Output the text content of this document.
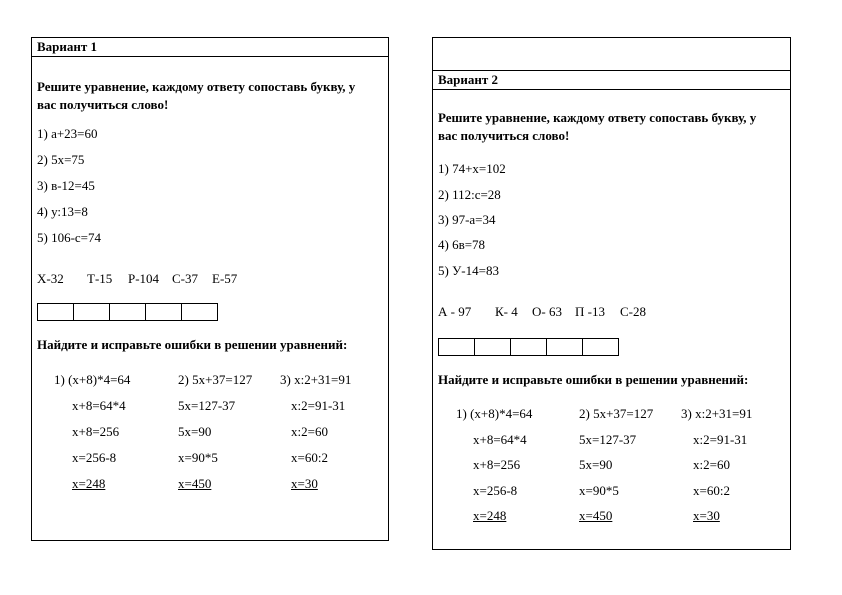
Вариант 1
Решите уравнение, каждому ответу сопоставь букву, у
вас получиться слово!
1) а+23=60
2) 5х=75
3) в-12=45
4) у:13=8
5) 106-с=74
Х-32 Т-15 Р-104 С-37 Е-57
Найдите и исправьте ошибки в решении уравнений:
1) (х+8)*4=64
х+8=64*4
х+8=256
х=256-8
х=248
2) 5х+37=127
5х=127-37
5х=90
х=90*5
х=450
3) х:2+31=91
х:2=91-31
х:2=60
х=60:2
х=30
Вариант 2
Решите уравнение, каждому ответу сопоставь букву, у
вас получиться слово!
1) 74+х=102
2) 112:с=28
3) 97-а=34
4) 6в=78
5) У-14=83
А - 97 К- 4 О- 63 П -13 С-28
Найдите и исправьте ошибки в решении уравнений:
1) (х+8)*4=64
х+8=64*4
х+8=256
х=256-8
х=248
2) 5х+37=127
5х=127-37
5х=90
х=90*5
х=450
3) х:2+31=91
х:2=91-31
х:2=60
х=60:2
х=30
